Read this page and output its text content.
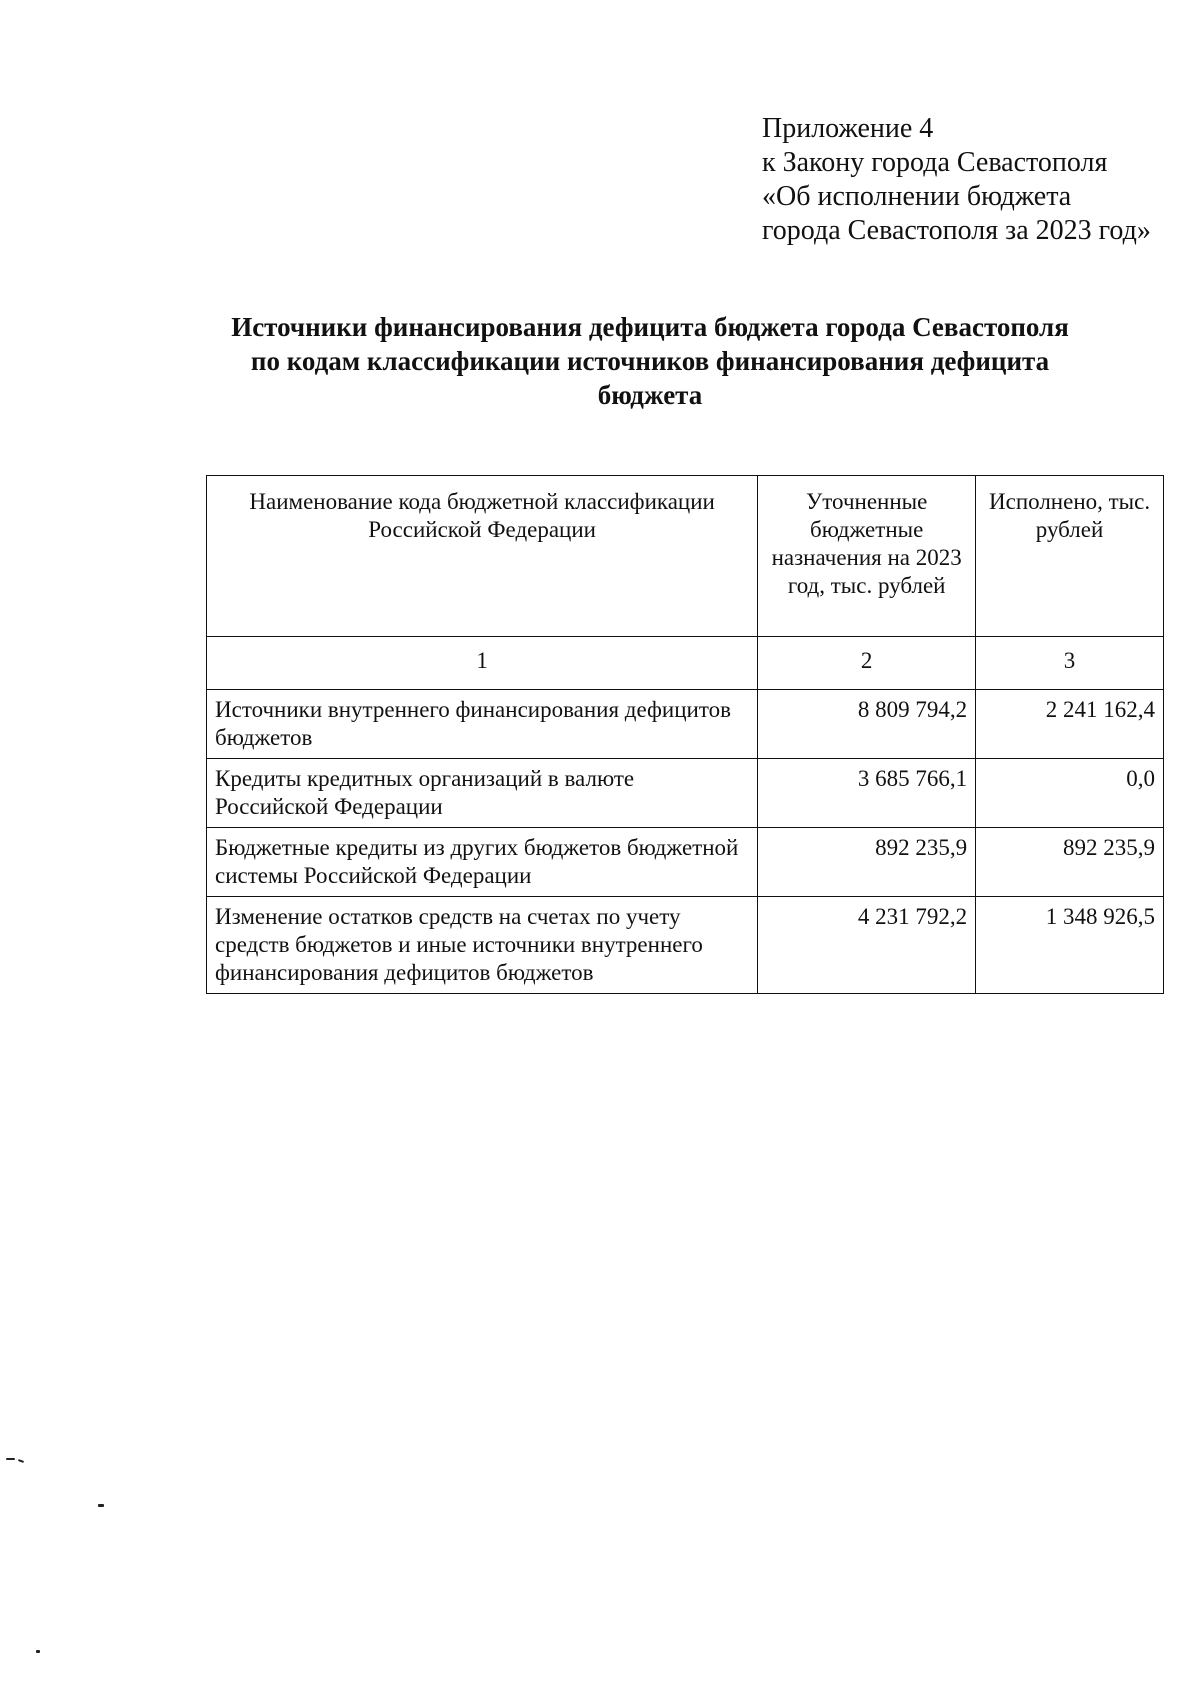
Приложение 4
к Закону города Севастополя
«Об исполнении бюджета
города Севастополя за 2023 год»
Источники финансирования дефицита бюджета города Севастополя
по кодам классификации источников финансирования дефицита
бюджета
Наименование кода бюджетной классификации Российской Федерации	Уточненные бюджетные назначения на 2023 год, тыс. рублей	Исполнено, тыс. рублей
1	2	3
Источники внутреннего финансирования дефицитов бюджетов	8 809 794,2	2 241 162,4
Кредиты кредитных организаций в валюте Российской Федерации	3 685 766,1	0,0
Бюджетные кредиты из других бюджетов бюджетной системы Российской Федерации	892 235,9	892 235,9
Изменение остатков средств на счетах по учету средств бюджетов и иные источники внутреннего финансирования дефицитов бюджетов	4 231 792,2	1 348 926,5
